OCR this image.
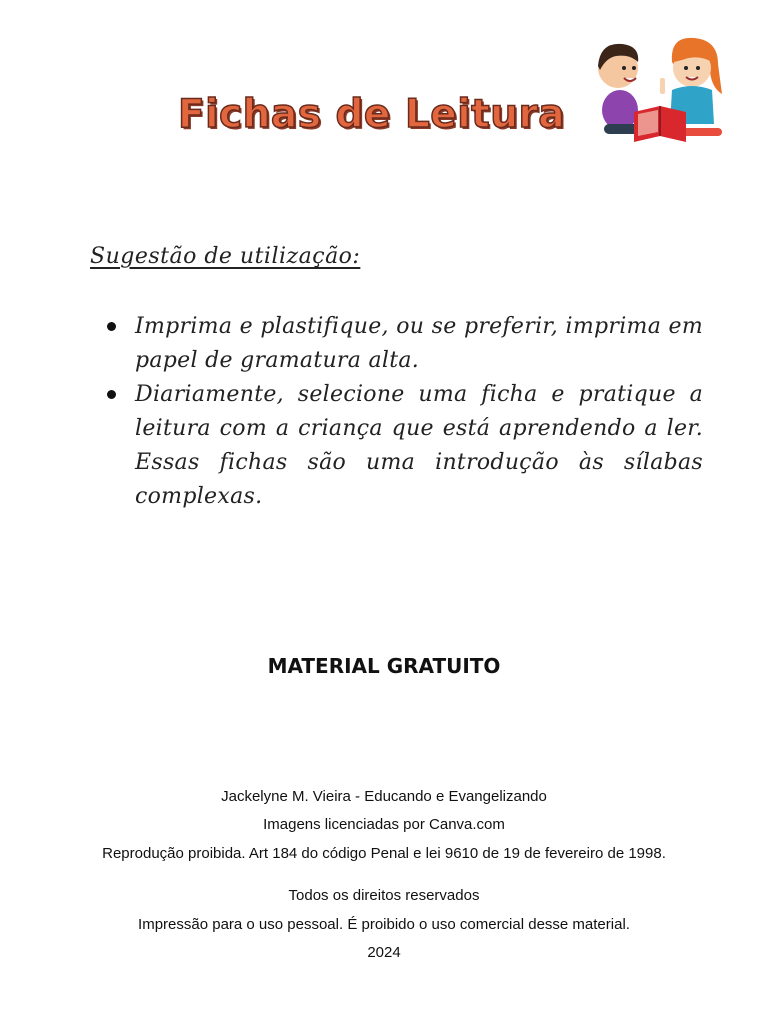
Fichas de Leitura
Sugestão de utilização:
Imprima e plastifique, ou se preferir, imprima em papel de gramatura alta.
Diariamente, selecione uma ficha e pratique a leitura com a criança que está aprendendo a ler. Essas fichas são uma introdução às sílabas complexas.
MATERIAL GRATUITO
Jackelyne M. Vieira - Educando e Evangelizando
Imagens licenciadas por Canva.com
Reprodução proibida. Art 184 do código Penal e lei 9610 de 19 de fevereiro de 1998.
Todos os direitos reservados
Impressão para o uso pessoal. É proibido o uso comercial desse material.
2024
